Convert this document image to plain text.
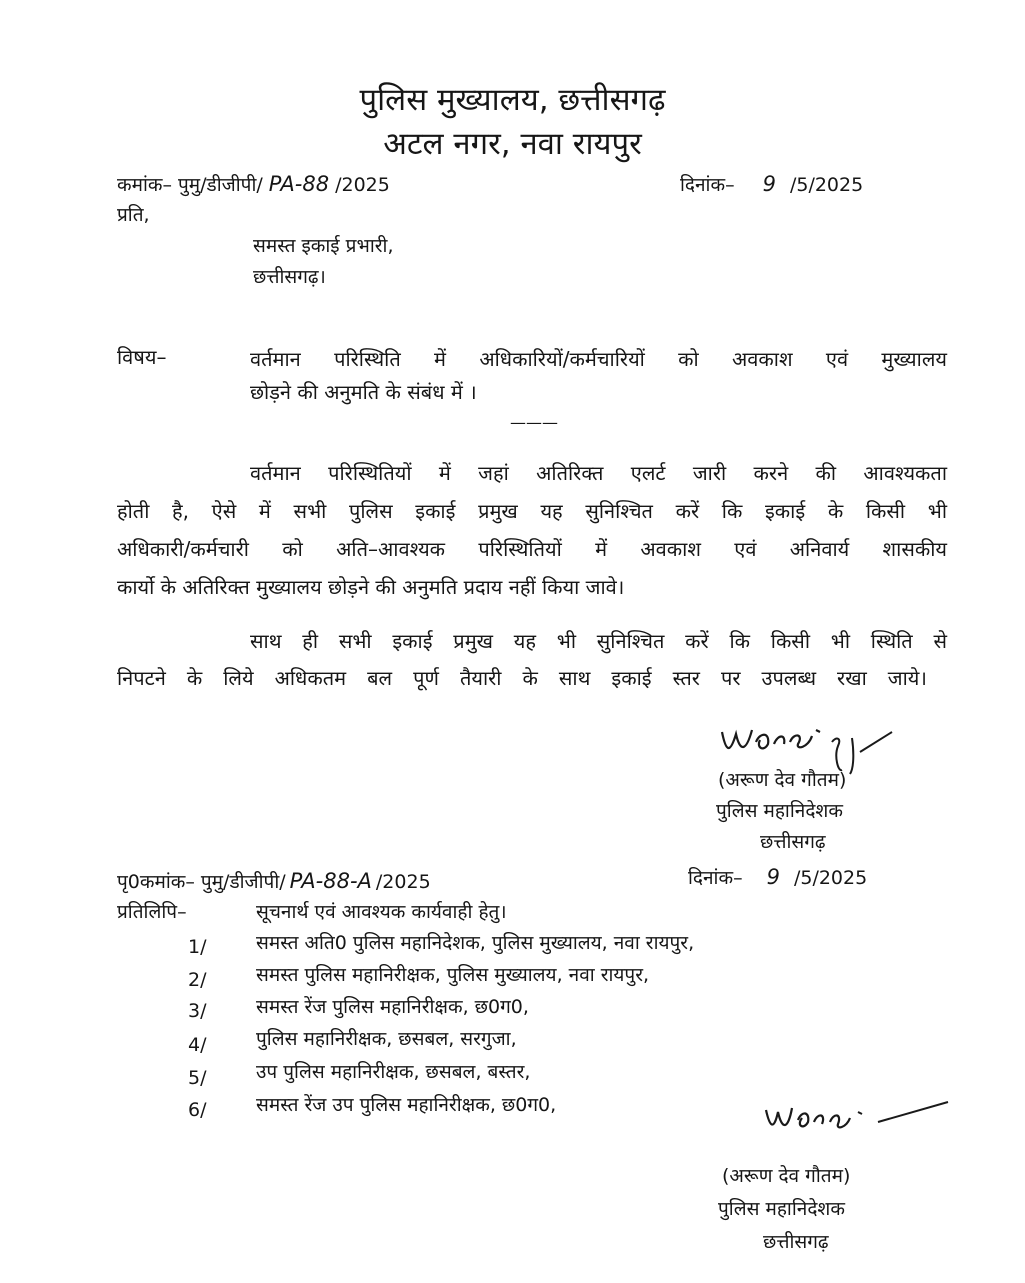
पुलिस मुख्यालय, छत्तीसगढ़
अटल नगर, नवा रायपुर
कमांक– पुमु/डीजीपी/ PA-88 /2025	दिनांक– 9 /5/2025
प्रति,
समस्त इकाई प्रभारी,
छत्तीसगढ़।
विषय–	वर्तमान परिस्थिति में अधिकारियों/कर्मचारियों को अवकाश एवं मुख्यालय
छोड़ने की अनुमति के संबंध में ।
———
वर्तमान परिस्थितियों में जहां अतिरिक्त एलर्ट जारी करने की आवश्यकता
होती है, ऐसे में सभी पुलिस इकाई प्रमुख यह सुनिश्चित करें कि इकाई के किसी भी
अधिकारी/कर्मचारी को अति–आवश्यक परिस्थितियों में अवकाश एवं अनिवार्य शासकीय
कार्यो के अतिरिक्त मुख्यालय छोड़ने की अनुमति प्रदाय नहीं किया जावे।
साथ ही सभी इकाई प्रमुख यह भी सुनिश्चित करें कि किसी भी स्थिति से
निपटने के लिये अधिकतम बल पूर्ण तैयारी के साथ इकाई स्तर पर उपलब्ध रखा जाये।
(अरूण देव गौतम)
पुलिस महानिदेशक
छत्तीसगढ़
पृ0कमांक– पुमु/डीजीपी/ PA-88-A /2025	दिनांक– 9 /5/2025
प्रतिलिपि–	सूचनार्थ एवं आवश्यक कार्यवाही हेतु।
1/	समस्त अति0 पुलिस महानिदेशक, पुलिस मुख्यालय, नवा रायपुर,
2/	समस्त पुलिस महानिरीक्षक, पुलिस मुख्यालय, नवा रायपुर,
3/	समस्त रेंज पुलिस महानिरीक्षक, छ0ग0,
4/	पुलिस महानिरीक्षक, छसबल, सरगुजा,
5/	उप पुलिस महानिरीक्षक, छसबल, बस्तर,
6/	समस्त रेंज उप पुलिस महानिरीक्षक, छ0ग0,
(अरूण देव गौतम)
पुलिस महानिदेशक
छत्तीसगढ़
